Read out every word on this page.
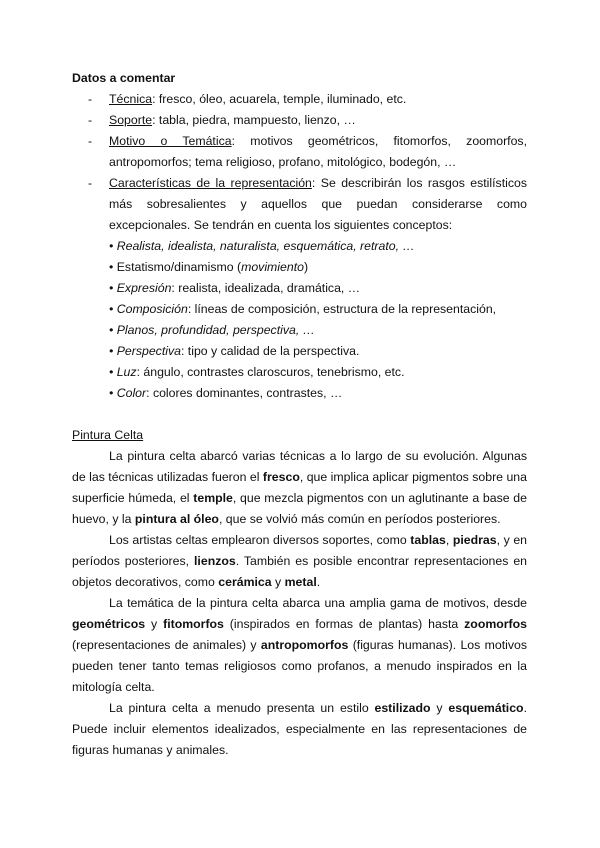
Datos a comentar

- Técnica: fresco, óleo, acuarela, temple, iluminado, etc.
- Soporte: tabla, piedra, mampuesto, lienzo, …
- Motivo o Temática: motivos geométricos, fitomorfos, zoomorfos, antropomorfos; tema religioso, profano, mitológico, bodegón, …
- Características de la representación: Se describirán los rasgos estilísticos más sobresalientes y aquellos que puedan considerarse como excepcionales. Se tendrán en cuenta los siguientes conceptos:
• Realista, idealista, naturalista, esquemática, retrato, …
• Estatismo/dinamismo (movimiento)
• Expresión: realista, idealizada, dramática, …
• Composición: líneas de composición, estructura de la representación,
• Planos, profundidad, perspectiva, …
• Perspectiva: tipo y calidad de la perspectiva.
• Luz: ángulo, contrastes claroscuros, tenebrismo, etc.
• Color: colores dominantes, contrastes, …

Pintura Celta

La pintura celta abarcó varias técnicas a lo largo de su evolución. Algunas de las técnicas utilizadas fueron el fresco, que implica aplicar pigmentos sobre una superficie húmeda, el temple, que mezcla pigmentos con un aglutinante a base de huevo, y la pintura al óleo, que se volvió más común en períodos posteriores.

Los artistas celtas emplearon diversos soportes, como tablas, piedras, y en períodos posteriores, lienzos. También es posible encontrar representaciones en objetos decorativos, como cerámica y metal.

La temática de la pintura celta abarca una amplia gama de motivos, desde geométricos y fitomorfos (inspirados en formas de plantas) hasta zoomorfos (representaciones de animales) y antropomorfos (figuras humanas). Los motivos pueden tener tanto temas religiosos como profanos, a menudo inspirados en la mitología celta.

La pintura celta a menudo presenta un estilo estilizado y esquemático. Puede incluir elementos idealizados, especialmente en las representaciones de figuras humanas y animales.
